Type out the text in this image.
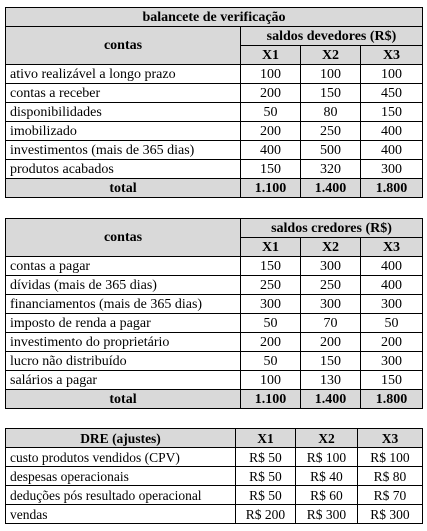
balancete de verificação			
contas	saldos devedores (R$)		
	X1	X2	X3
ativo realizável a longo prazo	100	100	100
contas a receber	200	150	450
disponibilidades	50	80	150
imobilizado	200	250	400
investimentos (mais de 365 dias)	400	500	400
produtos acabados	150	320	300
total	1.100	1.400	1.800
contas	saldos credores (R$)		
	X1	X2	X3
contas a pagar	150	300	400
dívidas (mais de 365 dias)	250	250	400
financiamentos (mais de 365 dias)	300	300	300
imposto de renda a pagar	50	70	50
investimento do proprietário	200	200	200
lucro não distribuído	50	150	300
salários a pagar	100	130	150
total	1.100	1.400	1.800
DRE (ajustes)	X1	X2	X3
custo produtos vendidos (CPV)	R$ 50	R$ 100	R$ 100
despesas operacionais	R$ 50	R$ 40	R$ 80
deduções pós resultado operacional	R$ 50	R$ 60	R$ 70
vendas	R$ 200	R$ 300	R$ 300
